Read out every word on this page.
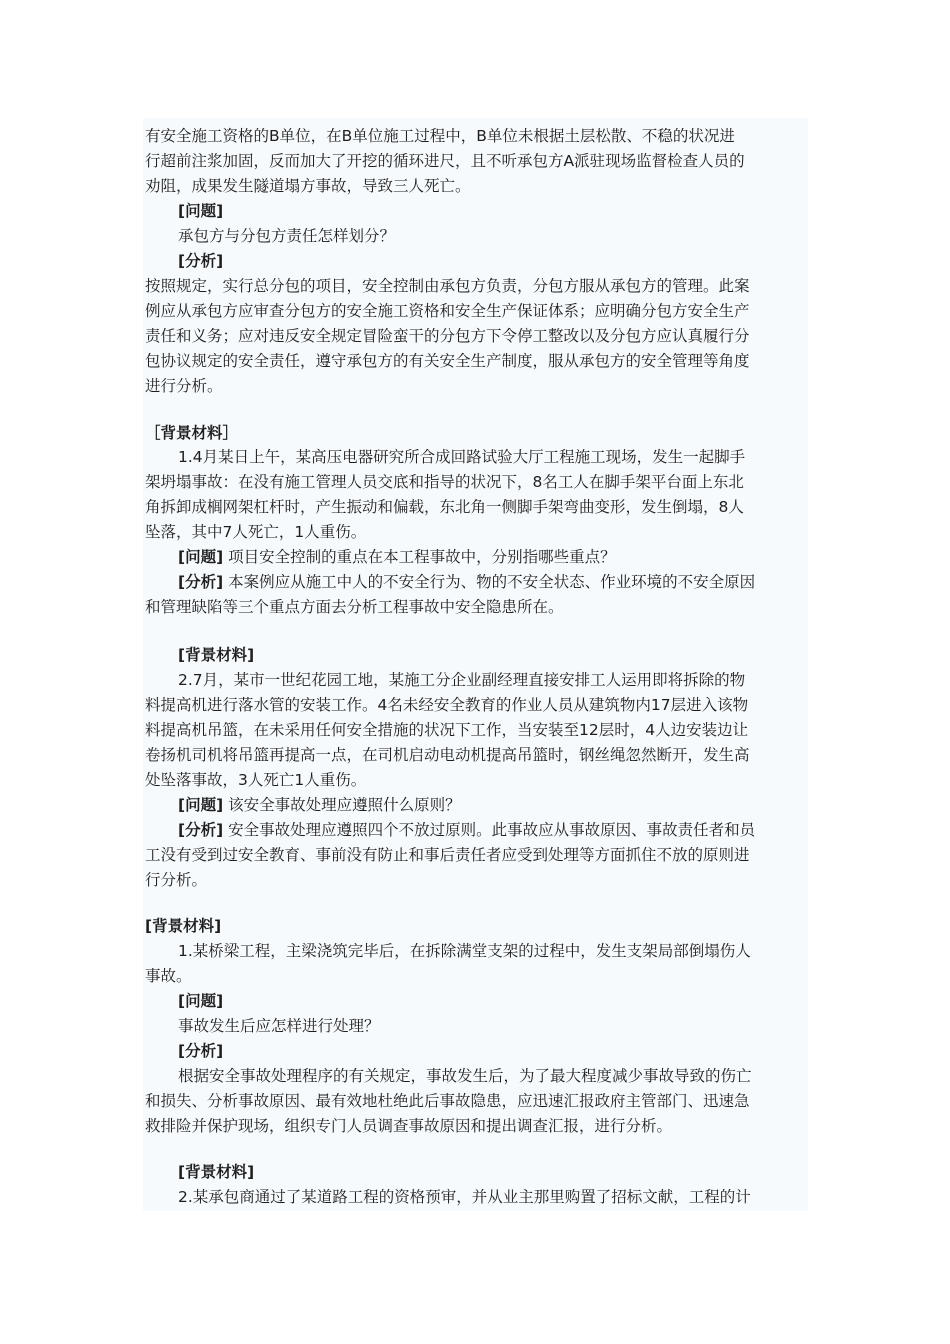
有安全施工资格的B单位，在B单位施工过程中，B单位未根据土层松散、不稳的状况进
行超前注浆加固，反而加大了开挖的循环进尺，且不听承包方A派驻现场监督检查人员的
劝阻，成果发生隧道塌方事故，导致三人死亡。
[问题]
承包方与分包方责任怎样划分？
[分析]
按照规定，实行总分包的项目，安全控制由承包方负责，分包方服从承包方的管理。此案
例应从承包方应审查分包方的安全施工资格和安全生产保证体系；应明确分包方安全生产
责任和义务；应对违反安全规定冒险蛮干的分包方下令停工整改以及分包方应认真履行分
包协议规定的安全责任，遵守承包方的有关安全生产制度，服从承包方的安全管理等角度
进行分析。
［背景材料］
1.4月某日上午，某高压电器研究所合成回路试验大厅工程施工现场，发生一起脚手
架坍塌事故：在没有施工管理人员交底和指导的状况下，8名工人在脚手架平台面上东北
角拆卸成榈网架杠杆时，产生振动和偏载，东北角一侧脚手架弯曲变形，发生倒塌，8人
坠落，其中7人死亡，1人重伤。
[问题] 项目安全控制的重点在本工程事故中，分别指哪些重点？
[分析] 本案例应从施工中人的不安全行为、物的不安全状态、作业环境的不安全原因
和管理缺陷等三个重点方面去分析工程事故中安全隐患所在。
[背景材料]
2.7月，某市一世纪花园工地，某施工分企业副经理直接安排工人运用即将拆除的物
料提高机进行落水管的安装工作。4名未经安全教育的作业人员从建筑物内17层进入该物
料提高机吊篮，在未采用任何安全措施的状况下工作，当安装至12层时，4人边安装边让
卷扬机司机将吊篮再提高一点，在司机启动电动机提高吊篮时，钢丝绳忽然断开，发生高
处坠落事故，3人死亡1人重伤。
[问题] 该安全事故处理应遵照什么原则？
[分析] 安全事故处理应遵照四个不放过原则。此事故应从事故原因、事故责任者和员
工没有受到过安全教育、事前没有防止和事后责任者应受到处理等方面抓住不放的原则进
行分析。
[背景材料]
1.某桥梁工程，主梁浇筑完毕后，在拆除满堂支架的过程中，发生支架局部倒塌伤人
事故。
[问题]
事故发生后应怎样进行处理？
[分析]
根据安全事故处理程序的有关规定，事故发生后，为了最大程度减少事故导致的伤亡
和损失、分析事故原因、最有效地杜绝此后事故隐患，应迅速汇报政府主管部门、迅速急
救排险并保护现场，组织专门人员调查事故原因和提出调查汇报，进行分析。
[背景材料]
2.某承包商通过了某道路工程的资格预审，并从业主那里购置了招标文献，工程的计
